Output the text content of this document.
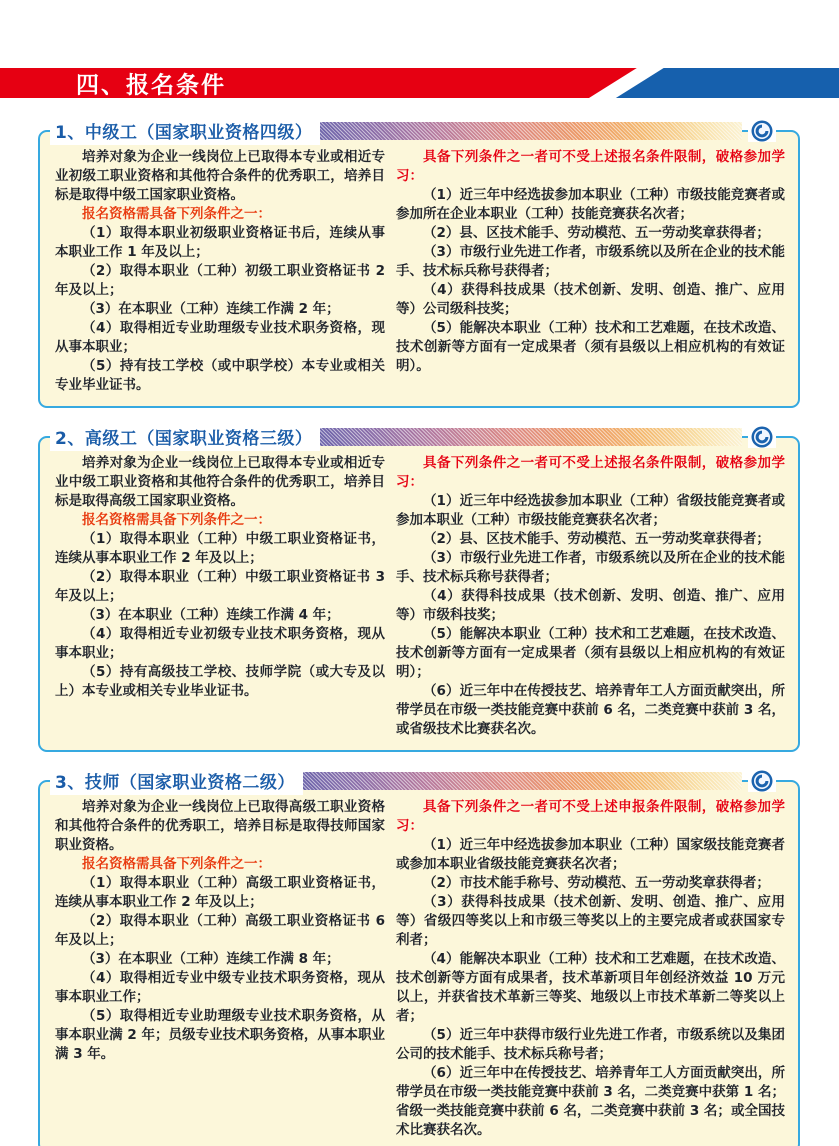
四、报名条件
1、中级工（国家职业资格四级）

培养对象为企业一线岗位上已取得本专业或相近专业初级工职业资格和其他符合条件的优秀职工，培养目标是取得中级工国家职业资格。

报名资格需具备下列条件之一：

（1）取得本职业初级职业资格证书后，连续从事本职业工作 1 年及以上；

（2）取得本职业（工种）初级工职业资格证书 2 年及以上；

（3）在本职业（工种）连续工作满 2 年；

（4）取得相近专业助理级专业技术职务资格，现从事本职业；

（5）持有技工学校（或中职学校）本专业或相关专业毕业证书。

具备下列条件之一者可不受上述报名条件限制，破格参加学习：

（1）近三年中经选拔参加本职业（工种）市级技能竞赛者或参加所在企业本职业（工种）技能竞赛获名次者；

（2）县、区技术能手、劳动模范、五一劳动奖章获得者；

（3）市级行业先进工作者，市级系统以及所在企业的技术能手、技术标兵称号获得者；

（4）获得科技成果（技术创新、发明、创造、推广、应用等）公司级科技奖；

（5）能解决本职业（工种）技术和工艺难题，在技术改造、技术创新等方面有一定成果者（须有县级以上相应机构的有效证明）。

2、高级工（国家职业资格三级）

培养对象为企业一线岗位上已取得本专业或相近专业中级工职业资格和其他符合条件的优秀职工，培养目标是取得高级工国家职业资格。

报名资格需具备下列条件之一：

（1）取得本职业（工种）中级工职业资格证书，连续从事本职业工作 2 年及以上；

（2）取得本职业（工种）中级工职业资格证书 3 年及以上；

（3）在本职业（工种）连续工作满 4 年；

（4）取得相近专业初级专业技术职务资格，现从事本职业；

（5）持有高级技工学校、技师学院（或大专及以上）本专业或相关专业毕业证书。

具备下列条件之一者可不受上述报名条件限制，破格参加学习：

（1）近三年中经选拔参加本职业（工种）省级技能竞赛者或参加本职业（工种）市级技能竞赛获名次者；

（2）县、区技术能手、劳动模范、五一劳动奖章获得者；

（3）市级行业先进工作者，市级系统以及所在企业的技术能手、技术标兵称号获得者；

（4）获得科技成果（技术创新、发明、创造、推广、应用等）市级科技奖；

（5）能解决本职业（工种）技术和工艺难题，在技术改造、技术创新等方面有一定成果者（须有县级以上相应机构的有效证明）；

（6）近三年中在传授技艺、培养青年工人方面贡献突出，所带学员在市级一类技能竞赛中获前 6 名，二类竞赛中获前 3 名，或省级技术比赛获名次。

3、技师（国家职业资格二级）

培养对象为企业一线岗位上已取得高级工职业资格和其他符合条件的优秀职工，培养目标是取得技师国家职业资格。

报名资格需具备下列条件之一：

（1）取得本职业（工种）高级工职业资格证书，连续从事本职业工作 2 年及以上；

（2）取得本职业（工种）高级工职业资格证书 6 年及以上；

（3）在本职业（工种）连续工作满 8 年；

（4）取得相近专业中级专业技术职务资格，现从事本职业工作；

（5）取得相近专业助理级专业技术职务资格，从事本职业满 2 年；员级专业技术职务资格，从事本职业满 3 年。

具备下列条件之一者可不受上述申报条件限制，破格参加学习：

（1）近三年中经选拔参加本职业（工种）国家级技能竞赛者或参加本职业省级技能竞赛获名次者；

（2）市技术能手称号、劳动模范、五一劳动奖章获得者；

（3）获得科技成果（技术创新、发明、创造、推广、应用等）省级四等奖以上和市级三等奖以上的主要完成者或获国家专利者；

（4）能解决本职业（工种）技术和工艺难题，在技术改造、技术创新等方面有成果者，技术革新项目年创经济效益 10 万元以上，并获省技术革新三等奖、地级以上市技术革新二等奖以上者；

（5）近三年中获得市级行业先进工作者，市级系统以及集团公司的技术能手、技术标兵称号者；

（6）近三年中在传授技艺、培养青年工人方面贡献突出，所带学员在市级一类技能竞赛中获前 3 名，二类竞赛中获第 1 名；省级一类技能竞赛中获前 6 名，二类竞赛中获前 3 名；或全国技术比赛获名次。
